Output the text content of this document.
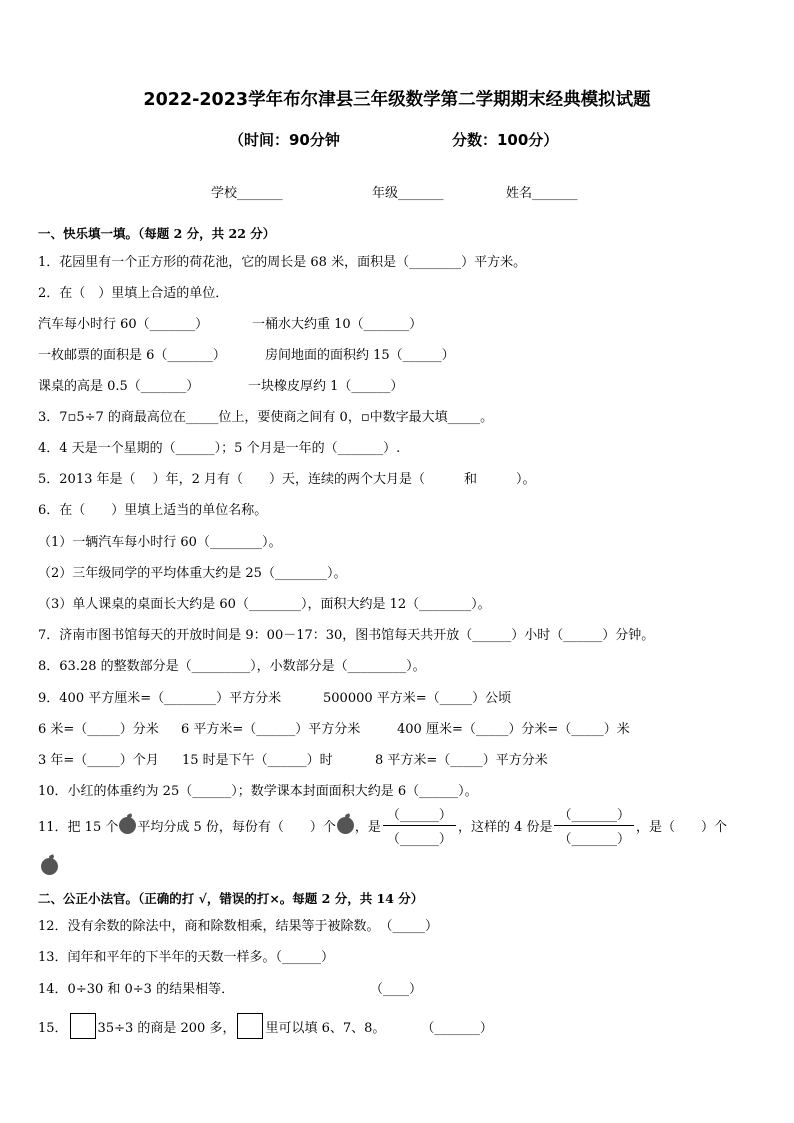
2022-2023学年布尔津县三年级数学第二学期期末经典模拟试题
（时间：90分钟	分数：100分）
学校_______	年级_______	姓名_______
一、快乐填一填。（每题 2 分，共 22 分）
1．花园里有一个正方形的荷花池，它的周长是 68 米，面积是（________）平方米。
2．在（　）里填上合适的单位．
汽车每小时行 60（_______）	一桶水大约重 10（_______）
一枚邮票的面积是 6（_______）	房间地面的面积约 15（______）
课桌的高是 0.5（_______）	一块橡皮厚约 1（______）
3．7▫5÷7 的商最高位在_____位上，要使商之间有 0，▫中数字最大填_____。
4．4 天是一个星期的（______）；5 个月是一年的（_______）.
5．2013 年是（　 ）年，2 月有（　　）天，连续的两个大月是（　　　和　　　）。
6．在（　　）里填上适当的单位名称。
（1）一辆汽车每小时行 60（________）。
（2）三年级同学的平均体重大约是 25（________）。
（3）单人课桌的桌面长大约是 60（________），面积大约是 12（________）。
7．济南市图书馆每天的开放时间是 9：00－17：30，图书馆每天共开放（______）小时（______）分钟。
8．63.28 的整数部分是（_________），小数部分是（_________）。
9．400 平方厘米=（________）平方分米	500000 平方米=（_____）公顷
6 米=（_____）分米 6 平方米=（______）平方分米	400 厘米=（_____）分米=（_____）米
3 年=（_____）个月 15 时是下午（______）时	8 平方米=（_____）平方分米
10．小红的体重约为 25（______）；数学课本封面面积大约是 6（______）。
11．把 15 个 平均分成 5 份，每份有（　　）个 ，是 $\frac{(\_\_\_\_\_\_)}{(\_\_\_\_\_\_)}$ ，这样的 4 份是 $\frac{(\_\_\_\_\_\_\_)}{(\_\_\_\_\_\_\_)}$ ，是（　　）个
二、公正小法官。（正确的打 √，错误的打×。每题 2 分，共 14 分）
12．没有余数的除法中，商和除数相乘，结果等于被除数。　（_____）
13．闰年和平年的下半年的天数一样多。（______）
14．0÷30 和 0÷3 的结果相等．	（____）
15． 35÷3 的商是 200 多， 里可以填 6、7、8。	（_______）
